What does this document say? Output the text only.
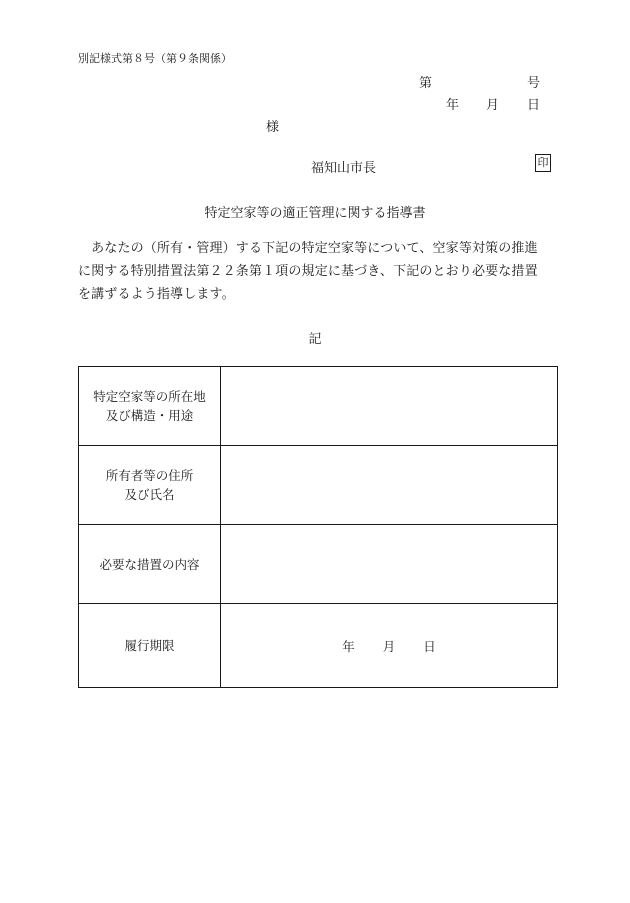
別記様式第８号（第９条関係）
第	号
年 月 日
様
福知山市長	印
特定空家等の適正管理に関する指導書
　あなたの（所有・管理）する下記の特定空家等について、空家等対策の推進
に関する特別措置法第２２条第１項の規定に基づき、下記のとおり必要な措置
を講ずるよう指導します。
記
特定空家等の所在地
及び構造・用途	

所有者等の住所
及び氏名	

必要な措置の内容	
履行期限	年 月 日
